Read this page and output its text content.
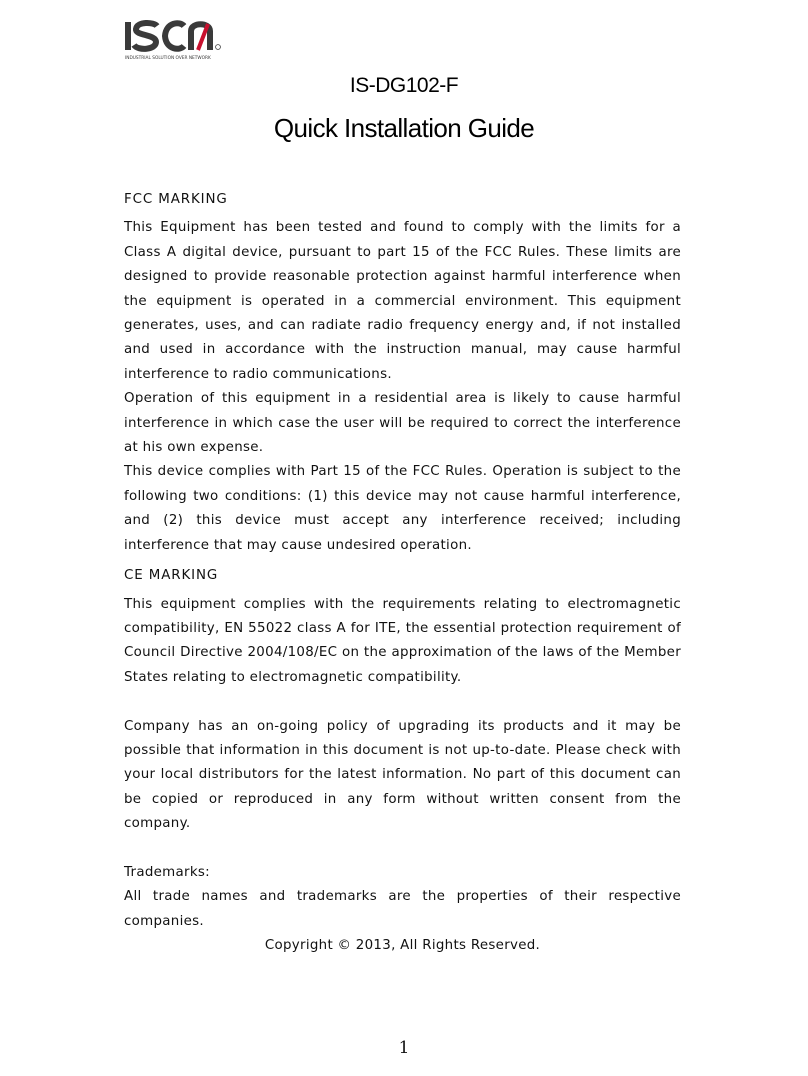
INDUSTRIAL SOLUTION OVER NETWORK
IS-DG102-F
Quick Installation Guide

FCC MARKING

This Equipment has been tested and found to comply with the limits for a Class A digital device, pursuant to part 15 of the FCC Rules. These limits are designed to provide reasonable protection against harmful interference when the equipment is operated in a commercial environment. This equipment generates, uses, and can radiate radio frequency energy and, if not installed and used in accordance with the instruction manual, may cause harmful interference to radio communications.

Operation of this equipment in a residential area is likely to cause harmful interference in which case the user will be required to correct the interference at his own expense.

This device complies with Part 15 of the FCC Rules. Operation is subject to the following two conditions: (1) this device may not cause harmful interference, and (2) this device must accept any interference received; including interference that may cause undesired operation.

CE MARKING

This equipment complies with the requirements relating to electromagnetic compatibility, EN 55022 class A for ITE, the essential protection requirement of Council Directive 2004/108/EC on the approximation of the laws of the Member States relating to electromagnetic compatibility.

Company has an on-going policy of upgrading its products and it may be possible that information in this document is not up-to-date. Please check with your local distributors for the latest information. No part of this document can be copied or reproduced in any form without written consent from the company.

Trademarks:

All trade names and trademarks are the properties of their respective companies.

Copyright © 2013, All Rights Reserved.

1
